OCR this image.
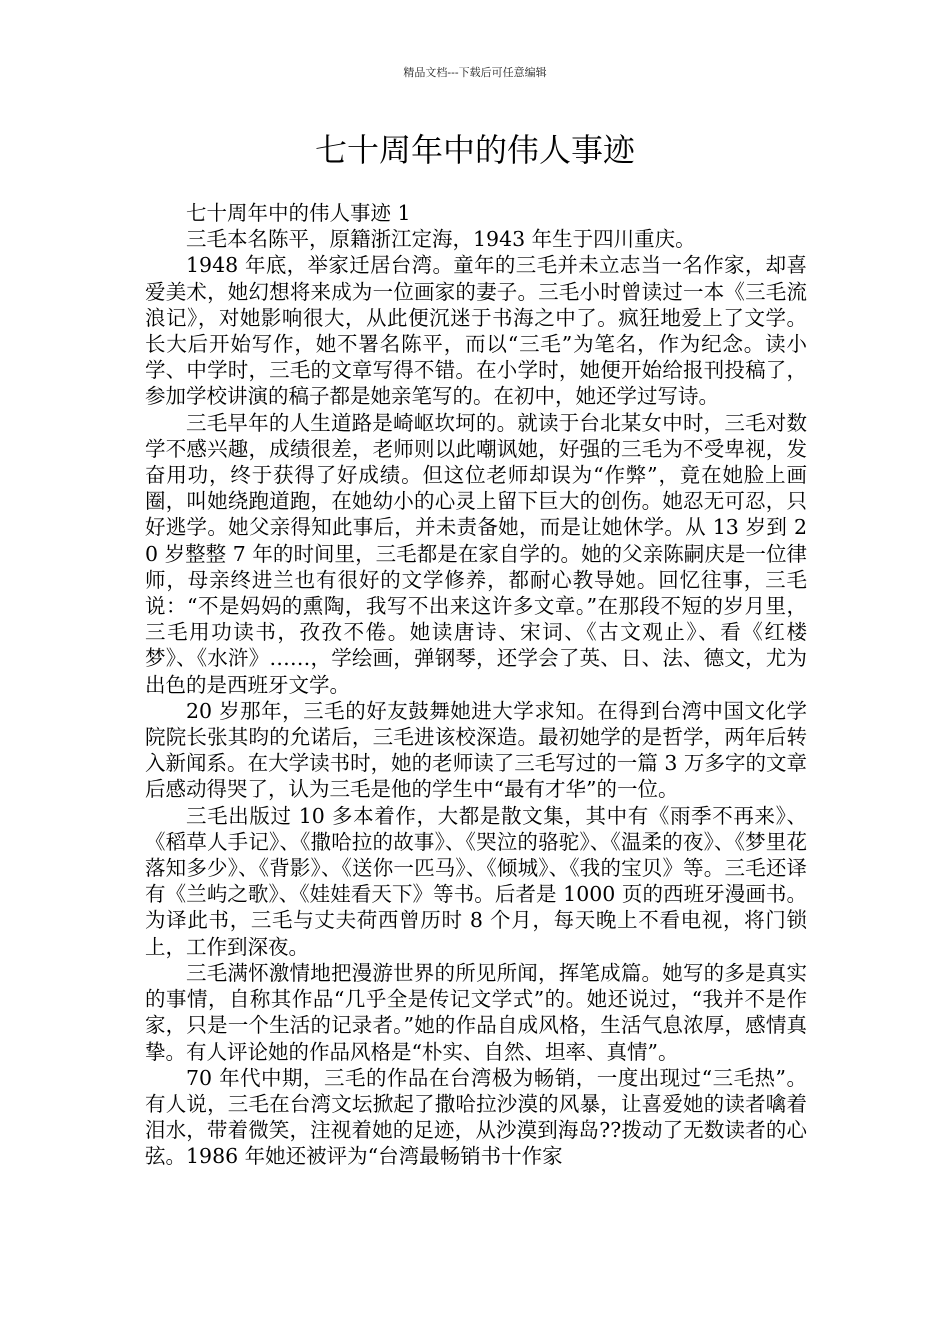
精品文档---下载后可任意编辑
七十周年中的伟人事迹

七十周年中的伟人事迹 1

三毛本名陈平，原籍浙江定海，1943 年生于四川重庆。

1948 年底，举家迁居台湾。童年的三毛并未立志当一名作家，却喜爱美术，她幻想将来成为一位画家的妻子。三毛小时曾读过一本《三毛流浪记》，对她影响很大，从此便沉迷于书海之中了。疯狂地爱上了文学。长大后开始写作，她不署名陈平，而以“三毛”为笔名，作为纪念。读小学、中学时，三毛的文章写得不错。在小学时，她便开始给报刊投稿了，参加学校讲演的稿子都是她亲笔写的。在初中，她还学过写诗。

三毛早年的人生道路是崎岖坎坷的。就读于台北某女中时，三毛对数学不感兴趣，成绩很差，老师则以此嘲讽她，好强的三毛为不受卑视，发奋用功，终于获得了好成绩。但这位老师却误为“作弊”，竟在她脸上画圈，叫她绕跑道跑，在她幼小的心灵上留下巨大的创伤。她忍无可忍，只好逃学。她父亲得知此事后，并未责备她，而是让她休学。从 13 岁到 20 岁整整 7 年的时间里，三毛都是在家自学的。她的父亲陈嗣庆是一位律师，母亲终进兰也有很好的文学修养，都耐心教导她。回忆往事，三毛说：“不是妈妈的熏陶，我写不出来这许多文章。”在那段不短的岁月里，三毛用功读书，孜孜不倦。她读唐诗、宋词、《古文观止》、看《红楼梦》、《水浒》……，学绘画，弹钢琴，还学会了英、日、法、德文，尤为出色的是西班牙文学。

20 岁那年，三毛的好友鼓舞她进大学求知。在得到台湾中国文化学院院长张其昀的允诺后，三毛进该校深造。最初她学的是哲学，两年后转入新闻系。在大学读书时，她的老师读了三毛写过的一篇 3 万多字的文章后感动得哭了，认为三毛是他的学生中“最有才华”的一位。

三毛出版过 10 多本着作，大都是散文集，其中有《雨季不再来》、《稻草人手记》、《撒哈拉的故事》、《哭泣的骆驼》、《温柔的夜》、《梦里花落知多少》、《背影》、《送你一匹马》、《倾城》、《我的宝贝》等。三毛还译有《兰屿之歌》、《娃娃看天下》等书。后者是 1000 页的西班牙漫画书。为译此书，三毛与丈夫荷西曾历时 8 个月，每天晚上不看电视，将门锁上，工作到深夜。

三毛满怀激情地把漫游世界的所见所闻，挥笔成篇。她写的多是真实的事情，自称其作品“几乎全是传记文学式”的。她还说过，“我并不是作家，只是一个生活的记录者。”她的作品自成风格，生活气息浓厚，感情真挚。有人评论她的作品风格是“朴实、自然、坦率、真情”。

70 年代中期，三毛的作品在台湾极为畅销，一度出现过“三毛热”。有人说，三毛在台湾文坛掀起了撒哈拉沙漠的风暴，让喜爱她的读者噙着泪水，带着微笑，注视着她的足迹，从沙漠到海岛??拨动了无数读者的心弦。1986 年她还被评为“台湾最畅销书十作家
